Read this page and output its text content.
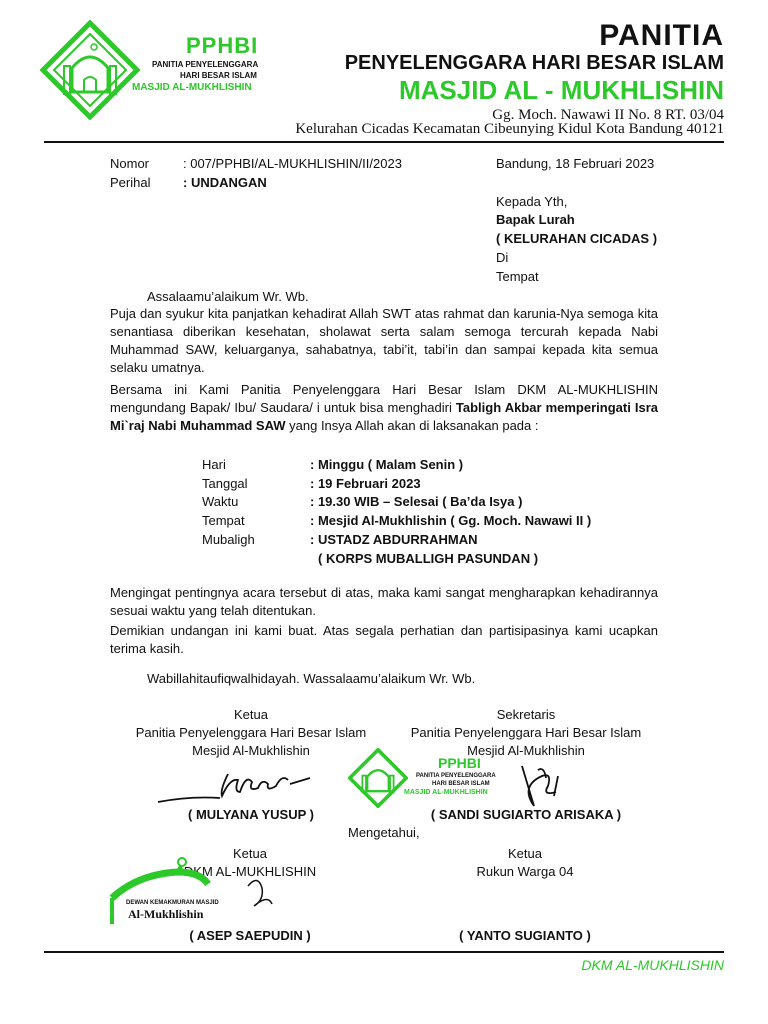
PPHBI
PANITIA PENYELENGGARA
HARI BESAR ISLAM
MASJID AL-MUKHLISHIN
PANITIA
PENYELENGGARA HARI BESAR ISLAM
MASJID AL - MUKHLISHIN
Gg. Moch. Nawawi II No. 8 RT. 03/04
Kelurahan Cicadas Kecamatan Cibeunying Kidul Kota Bandung 40121
Nomor	: 007/PPHBI/AL-MUKHLISHIN/II/2023
Perihal	: UNDANGAN
Bandung, 18 Februari 2023
Kepada Yth,
Bapak Lurah
( KELURAHAN CICADAS )
Di
Tempat
Assalaamu’alaikum Wr. Wb.
Puja dan syukur kita panjatkan kehadirat Allah SWT atas rahmat dan karunia-Nya semoga kita senantiasa diberikan kesehatan, sholawat serta salam semoga tercurah kepada Nabi Muhammad SAW, keluarganya, sahabatnya, tabi’it, tabi’in dan sampai kepada kita semua selaku umatnya.
Bersama ini Kami Panitia Penyelenggara Hari Besar Islam DKM AL-MUKHLISHIN mengundang Bapak/ Ibu/ Saudara/ i untuk bisa menghadiri Tabligh Akbar memperingati Isra Mi`raj Nabi Muhammad SAW yang Insya Allah akan di laksanakan pada :
Hari	: Minggu ( Malam Senin )
Tanggal	: 19 Februari 2023
Waktu	: 19.30 WIB – Selesai ( Ba’da Isya )
Tempat	: Mesjid Al-Mukhlishin ( Gg. Moch. Nawawi II )
Mubaligh	: USTADZ ABDURRAHMAN
( KORPS MUBALLIGH PASUNDAN )
Mengingat pentingnya acara tersebut di atas, maka kami sangat mengharapkan kehadirannya sesuai waktu yang telah ditentukan.
Demikian undangan ini kami buat. Atas segala perhatian dan partisipasinya kami ucapkan terima kasih.
Wabillahitaufiqwalhidayah. Wassalaamu’alaikum Wr. Wb.
Ketua
Panitia Penyelenggara Hari Besar Islam
Mesjid Al-Mukhlishin
( MULYANA YUSUP )
Sekretaris
Panitia Penyelenggara Hari Besar Islam
Mesjid Al-Mukhlishin
PPHBI
PANITIA PENYELENGGARA
HARI BESAR ISLAM
MASJID AL-MUKHLISHIN
( SANDI SUGIARTO ARISAKA )
Mengetahui,
Ketua
DKM AL-MUKHLISHIN
DEWAN KEMAKMURAN MASJID
Al-Mukhlishin
( ASEP SAEPUDIN )
Ketua
Rukun Warga 04
( YANTO SUGIANTO )
DKM AL-MUKHLISHIN
